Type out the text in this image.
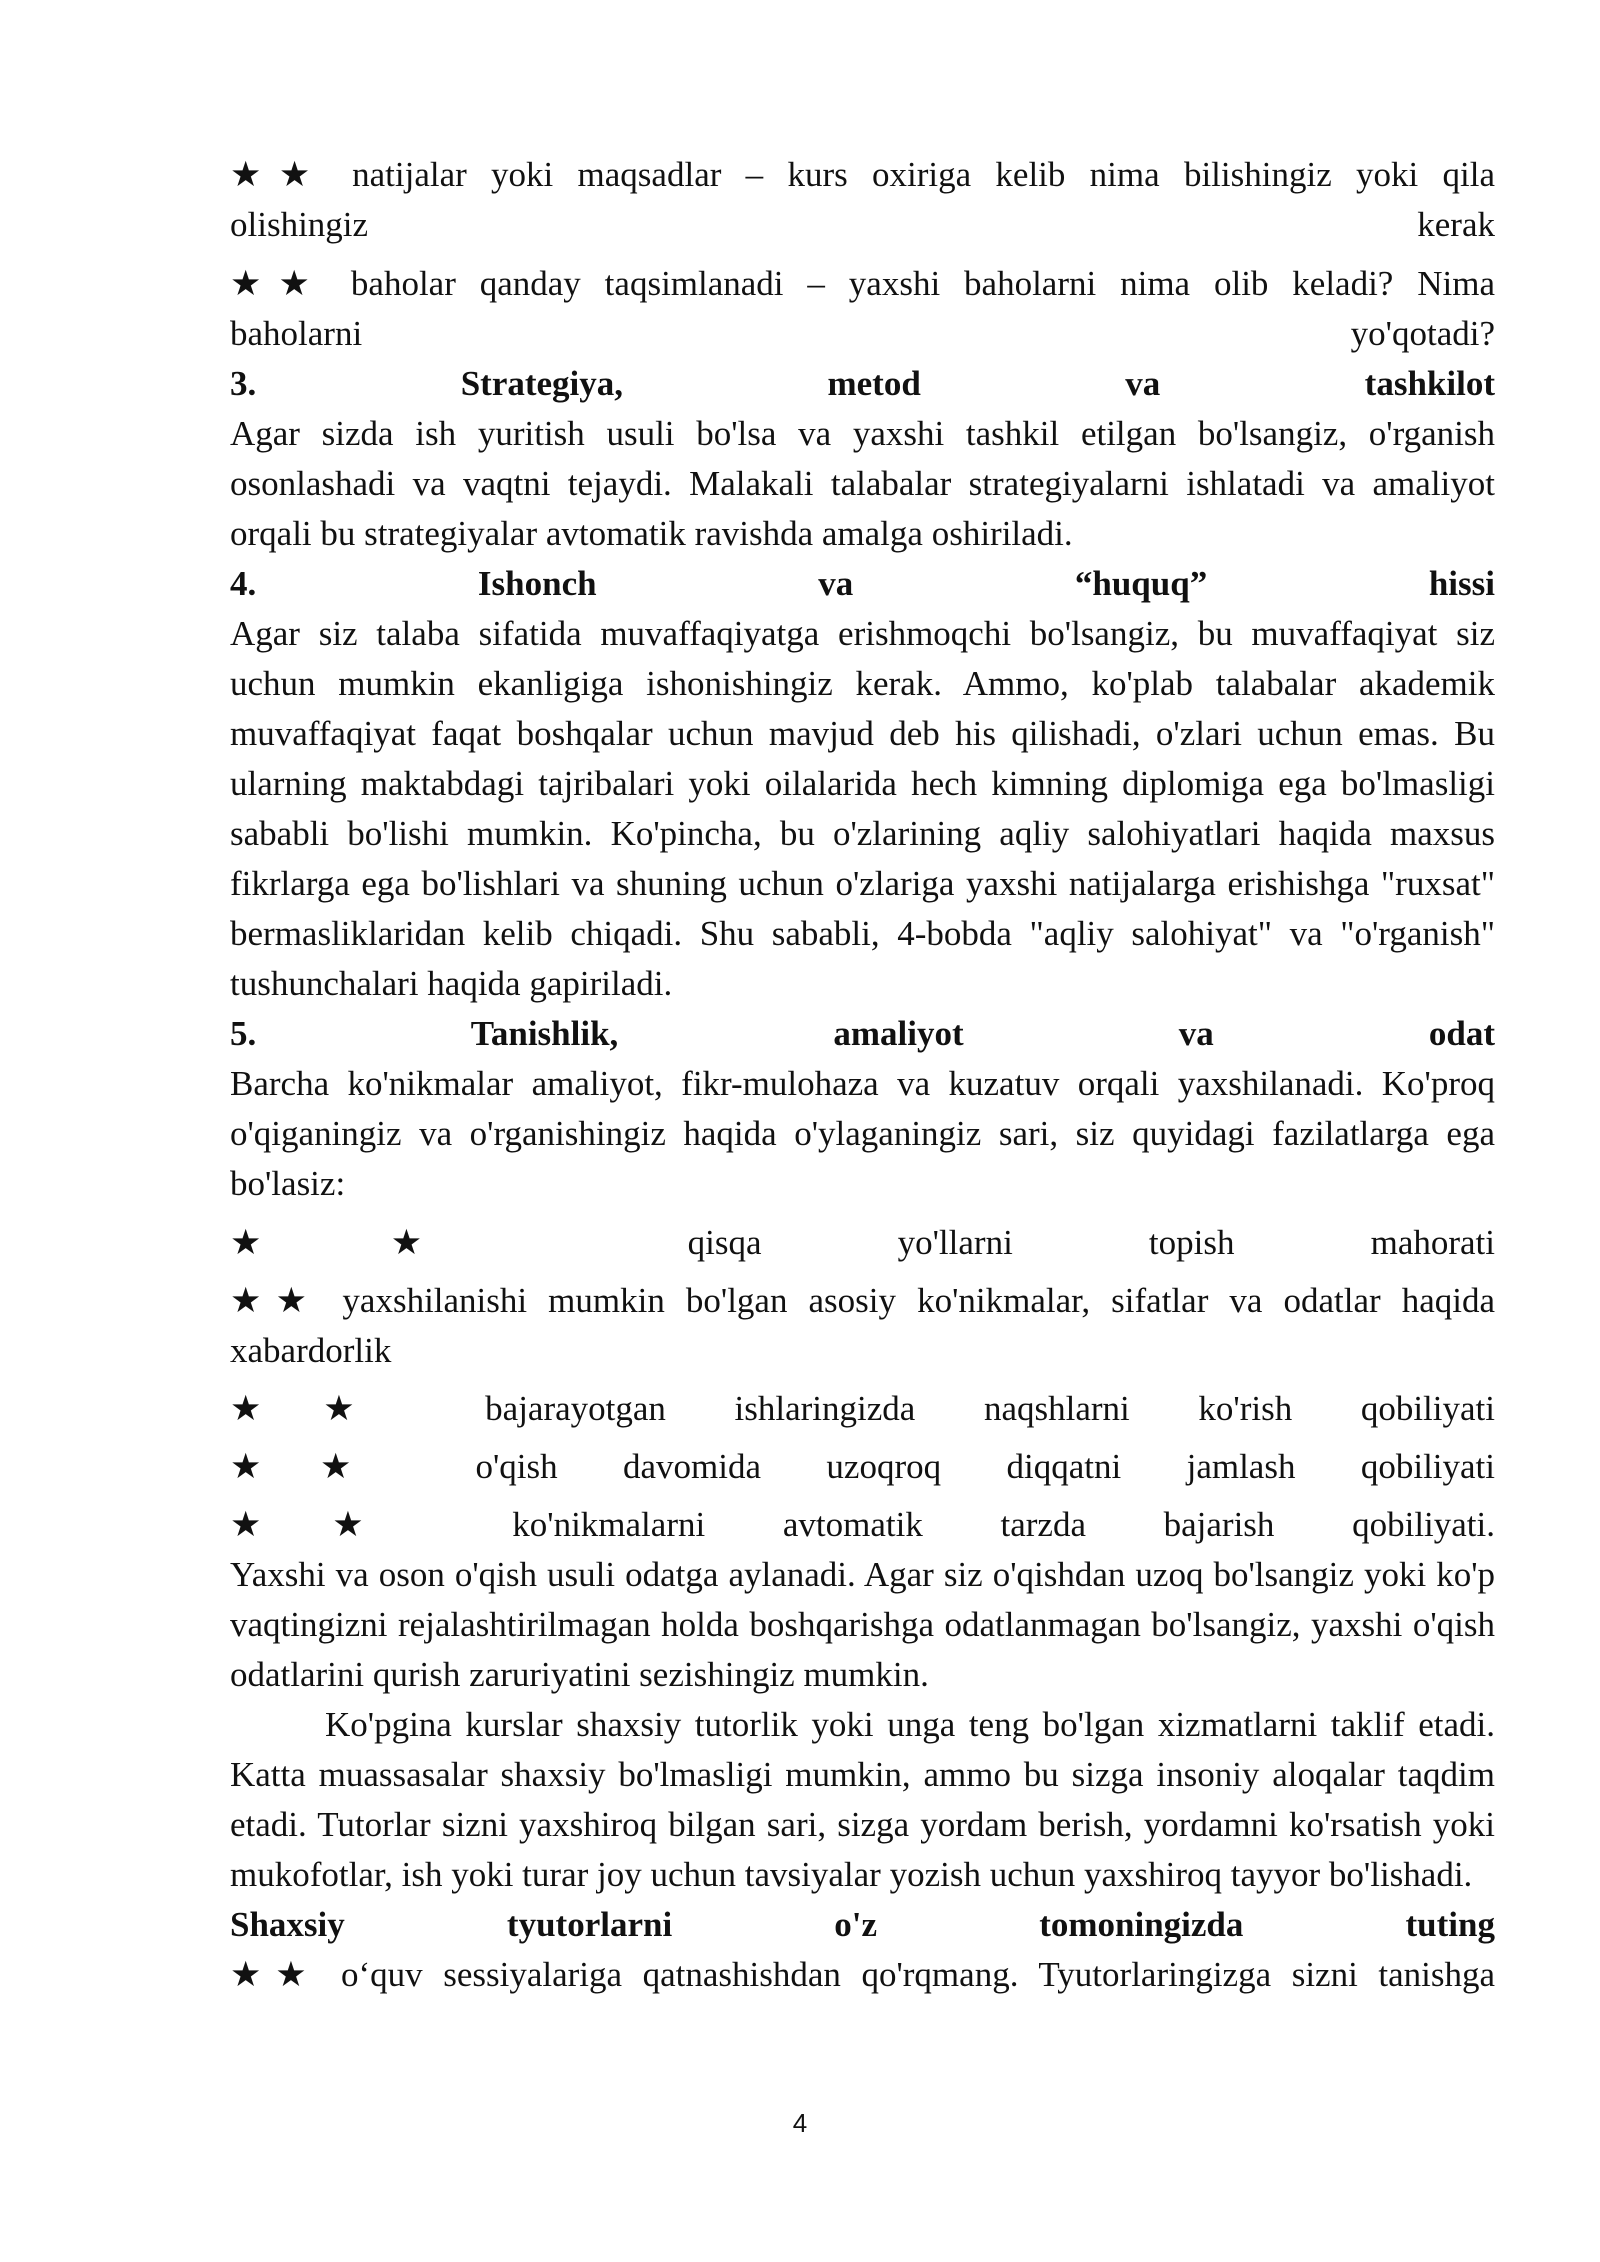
★★ natijalar yoki maqsadlar – kurs oxiriga kelib nima bilishingiz yoki qila

olishingiz kerak

★★ baholar qanday taqsimlanadi – yaxshi baholarni nima olib keladi? Nima

baholarni yo'qotadi?

3. Strategiya, metod va tashkilot

Agar sizda ish yuritish usuli bo'lsa va yaxshi tashkil etilgan bo'lsangiz, o'rganish osonlashadi va vaqtni tejaydi. Malakali talabalar strategiyalarni ishlatadi va amaliyot orqali bu strategiyalar avtomatik ravishda amalga oshiriladi.

4. Ishonch va “huquq” hissi

Agar siz talaba sifatida muvaffaqiyatga erishmoqchi bo'lsangiz, bu muvaffaqiyat siz uchun mumkin ekanligiga ishonishingiz kerak. Ammo, ko'plab talabalar akademik muvaffaqiyat faqat boshqalar uchun mavjud deb his qilishadi, o'zlari uchun emas. Bu ularning maktabdagi tajribalari yoki oilalarida hech kimning diplomiga ega bo'lmasligi sababli bo'lishi mumkin. Ko'pincha, bu o'zlarining aqliy salohiyatlari haqida maxsus fikrlarga ega bo'lishlari va shuning uchun o'zlariga yaxshi natijalarga erishishga "ruxsat" bermasliklaridan kelib chiqadi. Shu sababli, 4-bobda "aqliy salohiyat" va "o'rganish" tushunchalari haqida gapiriladi.

5. Tanishlik, amaliyot va odat

Barcha ko'nikmalar amaliyot, fikr-mulohaza va kuzatuv orqali yaxshilanadi. Ko'proq o'qiganingiz va o'rganishingiz haqida o'ylaganingiz sari, siz quyidagi fazilatlarga ega bo'lasiz:

★★	qisqa yo'llarni topish mahorati

★★ yaxshilanishi mumkin bo'lgan asosiy ko'nikmalar, sifatlar va odatlar haqida xabardorlik

★★ bajarayotgan ishlaringizda naqshlarni ko'rish qobiliyati

★★ o'qish davomida uzoqroq diqqatni jamlash qobiliyati

★★ ko'nikmalarni avtomatik tarzda bajarish qobiliyati.

Yaxshi va oson o'qish usuli odatga aylanadi. Agar siz o'qishdan uzoq bo'lsangiz yoki ko'p vaqtingizni rejalashtirilmagan holda boshqarishga odatlanmagan bo'lsangiz, yaxshi o'qish odatlarini qurish zaruriyatini sezishingiz mumkin.

Ko'pgina kurslar shaxsiy tutorlik yoki unga teng bo'lgan xizmatlarni taklif etadi. Katta muassasalar shaxsiy bo'lmasligi mumkin, ammo bu sizga insoniy aloqalar taqdim etadi. Tutorlar sizni yaxshiroq bilgan sari, sizga yordam berish, yordamni ko'rsatish yoki mukofotlar, ish yoki turar joy uchun tavsiyalar yozish uchun yaxshiroq tayyor bo'lishadi.

Shaxsiy tyutorlarni o'z tomoningizda tuting

★★ o‘quv sessiyalariga qatnashishdan qo'rqmang. Tyutorlaringizga sizni tanishga

4
